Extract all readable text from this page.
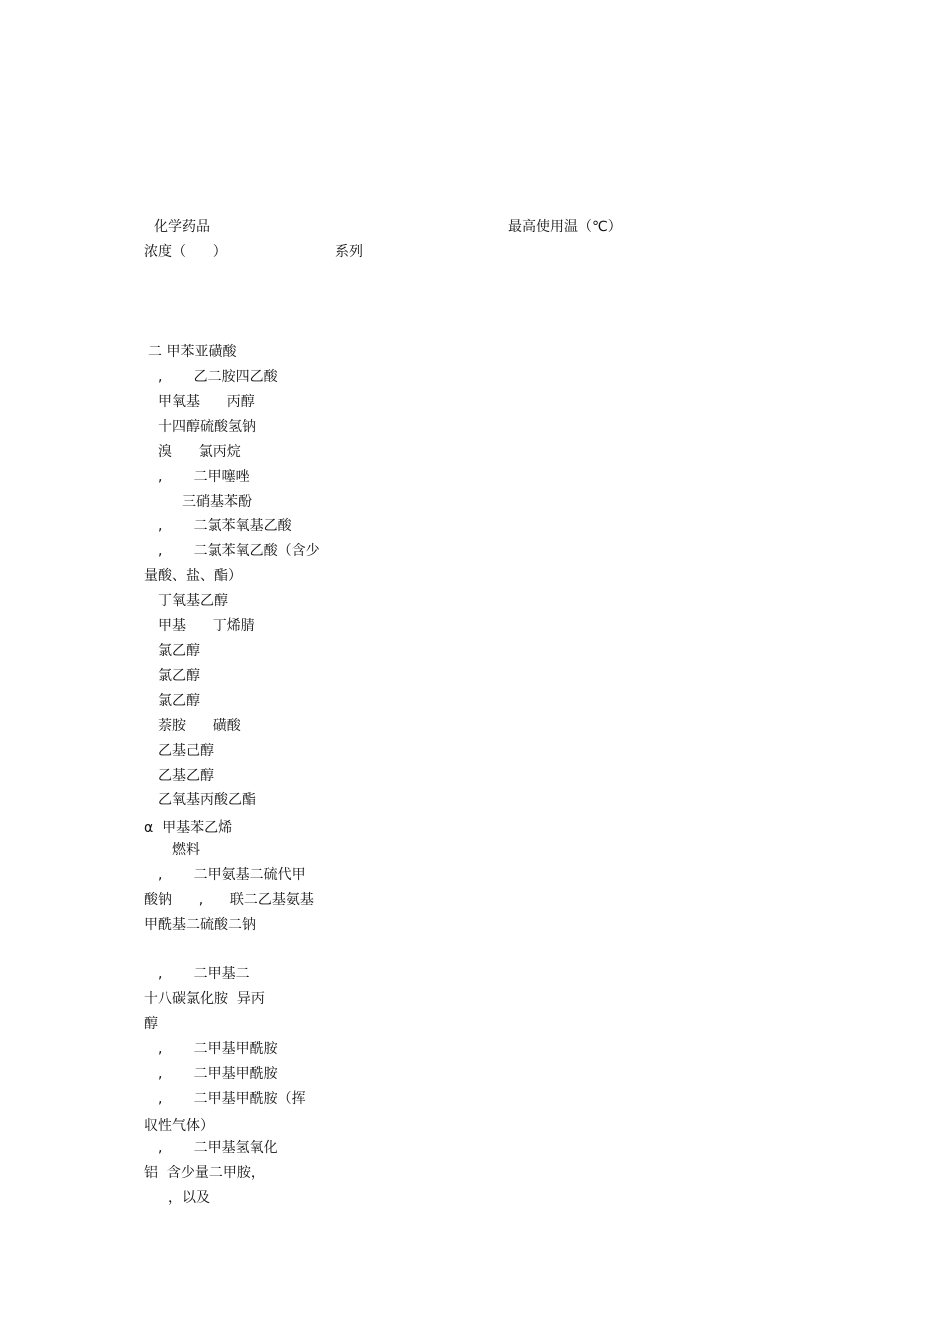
化学药品	最高使用温（℃）
浓度（      ）	系列
二 甲苯亚磺酸
,       乙二胺四乙酸
甲氧基      丙醇
十四醇硫酸氢钠
溴      氯丙烷
,       二甲噻唑
三硝基苯酚
,       二氯苯氧基乙酸
,       二氯苯氧乙酸（含少
量酸、盐、酯）
丁氧基乙醇
甲基      丁烯腈
氯乙醇
氯乙醇
氯乙醇
萘胺      磺酸
乙基己醇
乙基乙醇
乙氧基丙酸乙酯
α  甲基苯乙烯
燃料
,       二甲氨基二硫代甲
酸钠      ,      联二乙基氨基
甲酰基二硫酸二钠
,       二甲基二
十八碳氯化胺  异丙
醇
,       二甲基甲酰胺
,       二甲基甲酰胺
,       二甲基甲酰胺（挥
収性气体）
,       二甲基氢氧化
铝  含少量二甲胺，
，以及
